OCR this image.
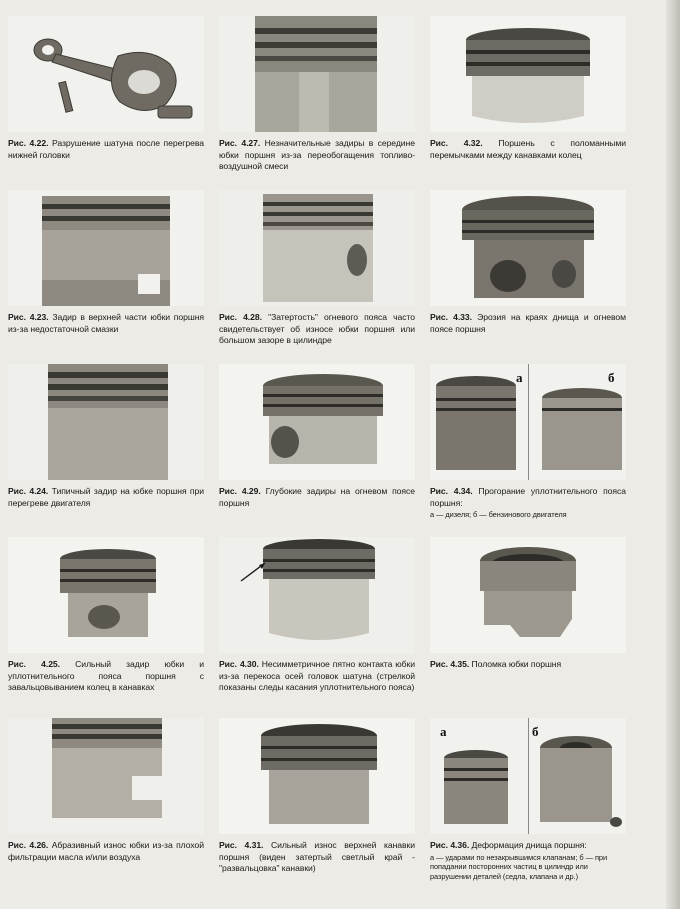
Рис. 4.22. Разрушение шатуна после перегрева нижней головки
Рис. 4.27. Незначительные задиры в середине юбки поршня из-за переобогащения топливо-воздушной смеси
Рис. 4.32. Поршень с поломанными перемычками между канавками колец
Рис. 4.23. Задир в верхней части юбки поршня из-за недостаточной смазки
Рис. 4.28. "Затертость" огневого пояса часто свидетельствует об износе юбки поршня или большом зазоре в цилиндре
Рис. 4.33. Эрозия на краях днища и огневом поясе поршня
Рис. 4.24. Типичный задир на юбке поршня при перегреве двигателя
Рис. 4.29. Глубокие задиры на огневом поясе поршня
а	б
Рис. 4.34. Прогорание уплотнительного пояса поршня:
а — дизеля; б — бензинового двигателя
Рис. 4.25. Сильный задир юбки и уплотнительного пояса поршня с завальцовыванием колец в канавках
Рис. 4.30. Несимметричное пятно контакта юбки из-за перекоса осей головок шатуна (стрелкой показаны следы касания уплотнительного пояса)
Рис. 4.35. Поломка юбки поршня
Рис. 4.26. Абразивный износ юбки из-за плохой фильтрации масла и/или воздуха
Рис. 4.31. Сильный износ верхней канавки поршня (виден затертый светлый край - "развальцовка" канавки)
а	б
Рис. 4.36. Деформация днища поршня:
а — ударами по незакрывшимся клапанам; б — при попадании посторонних частиц в цилиндр или разрушении деталей (седла, клапана и др.)
